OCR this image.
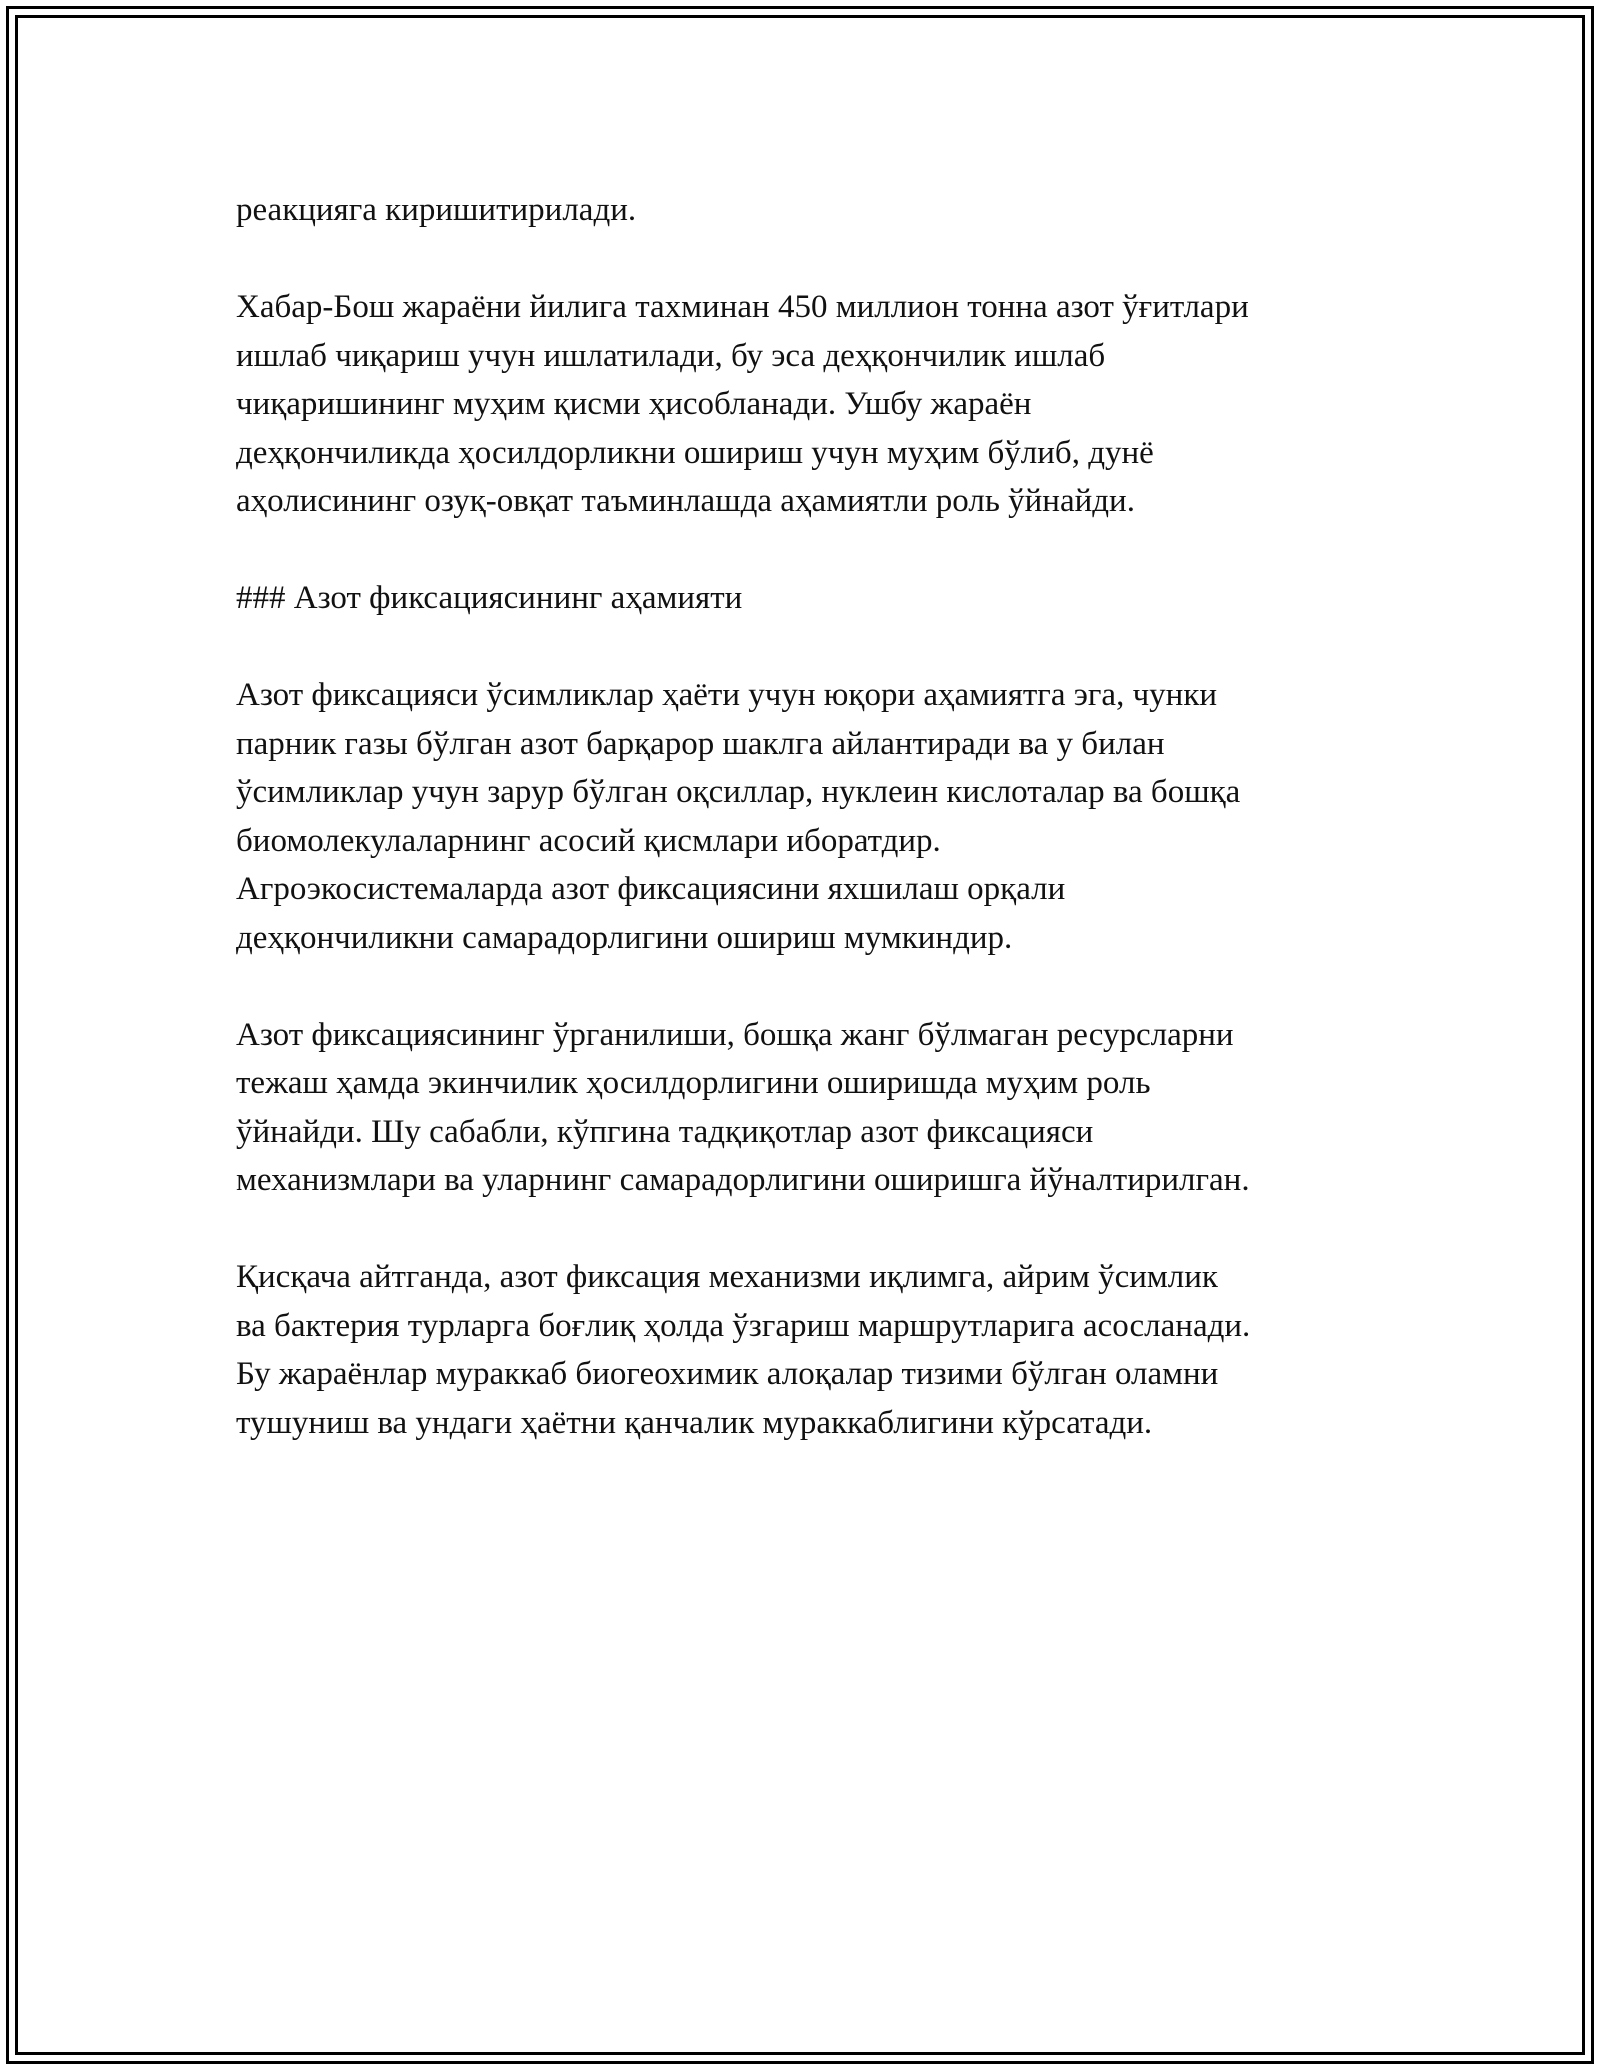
реакцияга киришитирилади.

Хабар-Бош жараёни йилига тахминан 450 миллион тонна азот ўғитлари
ишлаб чиқариш учун ишлатилади, бу эса деҳқончилик ишлаб
чиқаришининг муҳим қисми ҳисобланади. Ушбу жараён
деҳқончиликда ҳосилдорликни ошириш учун муҳим бўлиб, дунё
аҳолисининг озуқ-овқат таъминлашда аҳамиятли роль ўйнайди.

### Азот фиксациясининг аҳамияти

Азот фиксацияси ўсимликлар ҳаёти учун юқори аҳамиятга эга, чунки
парник газы бўлган азот барқарор шаклга айлантиради ва у билан
ўсимликлар учун зарур бўлган оқсиллар, нуклеин кислоталар ва бошқа
биомолекулаларнинг асосий қисмлари иборатдир.
Агроэкосистемаларда азот фиксациясини яхшилаш орқали
деҳқончиликни самарадорлигини ошириш мумкиндир.

Азот фиксациясининг ўрганилиши, бошқа жанг бўлмаган ресурсларни
тежаш ҳамда экинчилик ҳосилдорлигини оширишда муҳим роль
ўйнайди. Шу сабабли, кўпгина тадқиқотлар азот фиксацияси
механизмлари ва уларнинг самарадорлигини оширишга йўналтирилган.

Қисқача айтганда, азот фиксация механизми иқлимга, айрим ўсимлик
ва бактерия турларга боғлиқ ҳолда ўзгариш маршрутларига асосланади.
Бу жараёнлар мураккаб биогеохимик алоқалар тизими бўлган оламни
тушуниш ва ундаги ҳаётни қанчалик мураккаблигини кўрсатади.
